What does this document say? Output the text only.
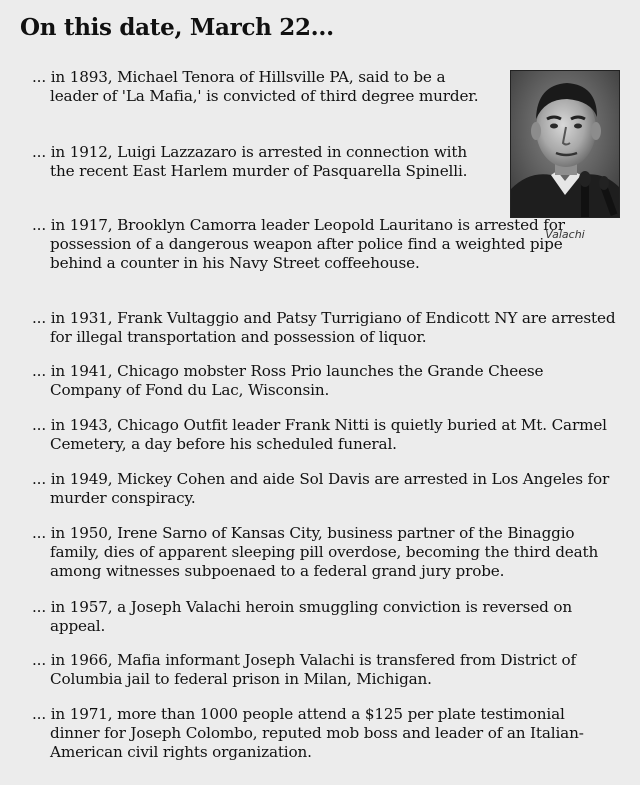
On this date, March 22...
Valachi
... in 1893, Michael Tenora of Hillsville PA, said to be a leader of 'La Mafia,' is convicted of third degree murder.
... in 1912, Luigi Lazzazaro is arrested in connection with the recent East Harlem murder of Pasquarella Spinelli.
... in 1917, Brooklyn Camorra leader Leopold Lauritano is arrested for possession of a dangerous weapon after police find a weighted pipe behind a counter in his Navy Street coffeehouse.
... in 1931, Frank Vultaggio and Patsy Turrigiano of Endicott NY are arrested for illegal transportation and possession of liquor.
... in 1941, Chicago mobster Ross Prio launches the Grande Cheese Company of Fond du Lac, Wisconsin.
... in 1943, Chicago Outfit leader Frank Nitti is quietly buried at Mt. Carmel Cemetery, a day before his scheduled funeral.
... in 1949, Mickey Cohen and aide Sol Davis are arrested in Los Angeles for murder conspiracy.
... in 1950, Irene Sarno of Kansas City, business partner of the Binaggio family, dies of apparent sleeping pill overdose, becoming the third death among witnesses subpoenaed to a federal grand jury probe.
... in 1957, a Joseph Valachi heroin smuggling conviction is reversed on appeal.
... in 1966, Mafia informant Joseph Valachi is transfered from District of Columbia jail to federal prison in Milan, Michigan.
... in 1971, more than 1000 people attend a $125 per plate testimonial dinner for Joseph Colombo, reputed mob boss and leader of an Italian-American civil rights organization.
